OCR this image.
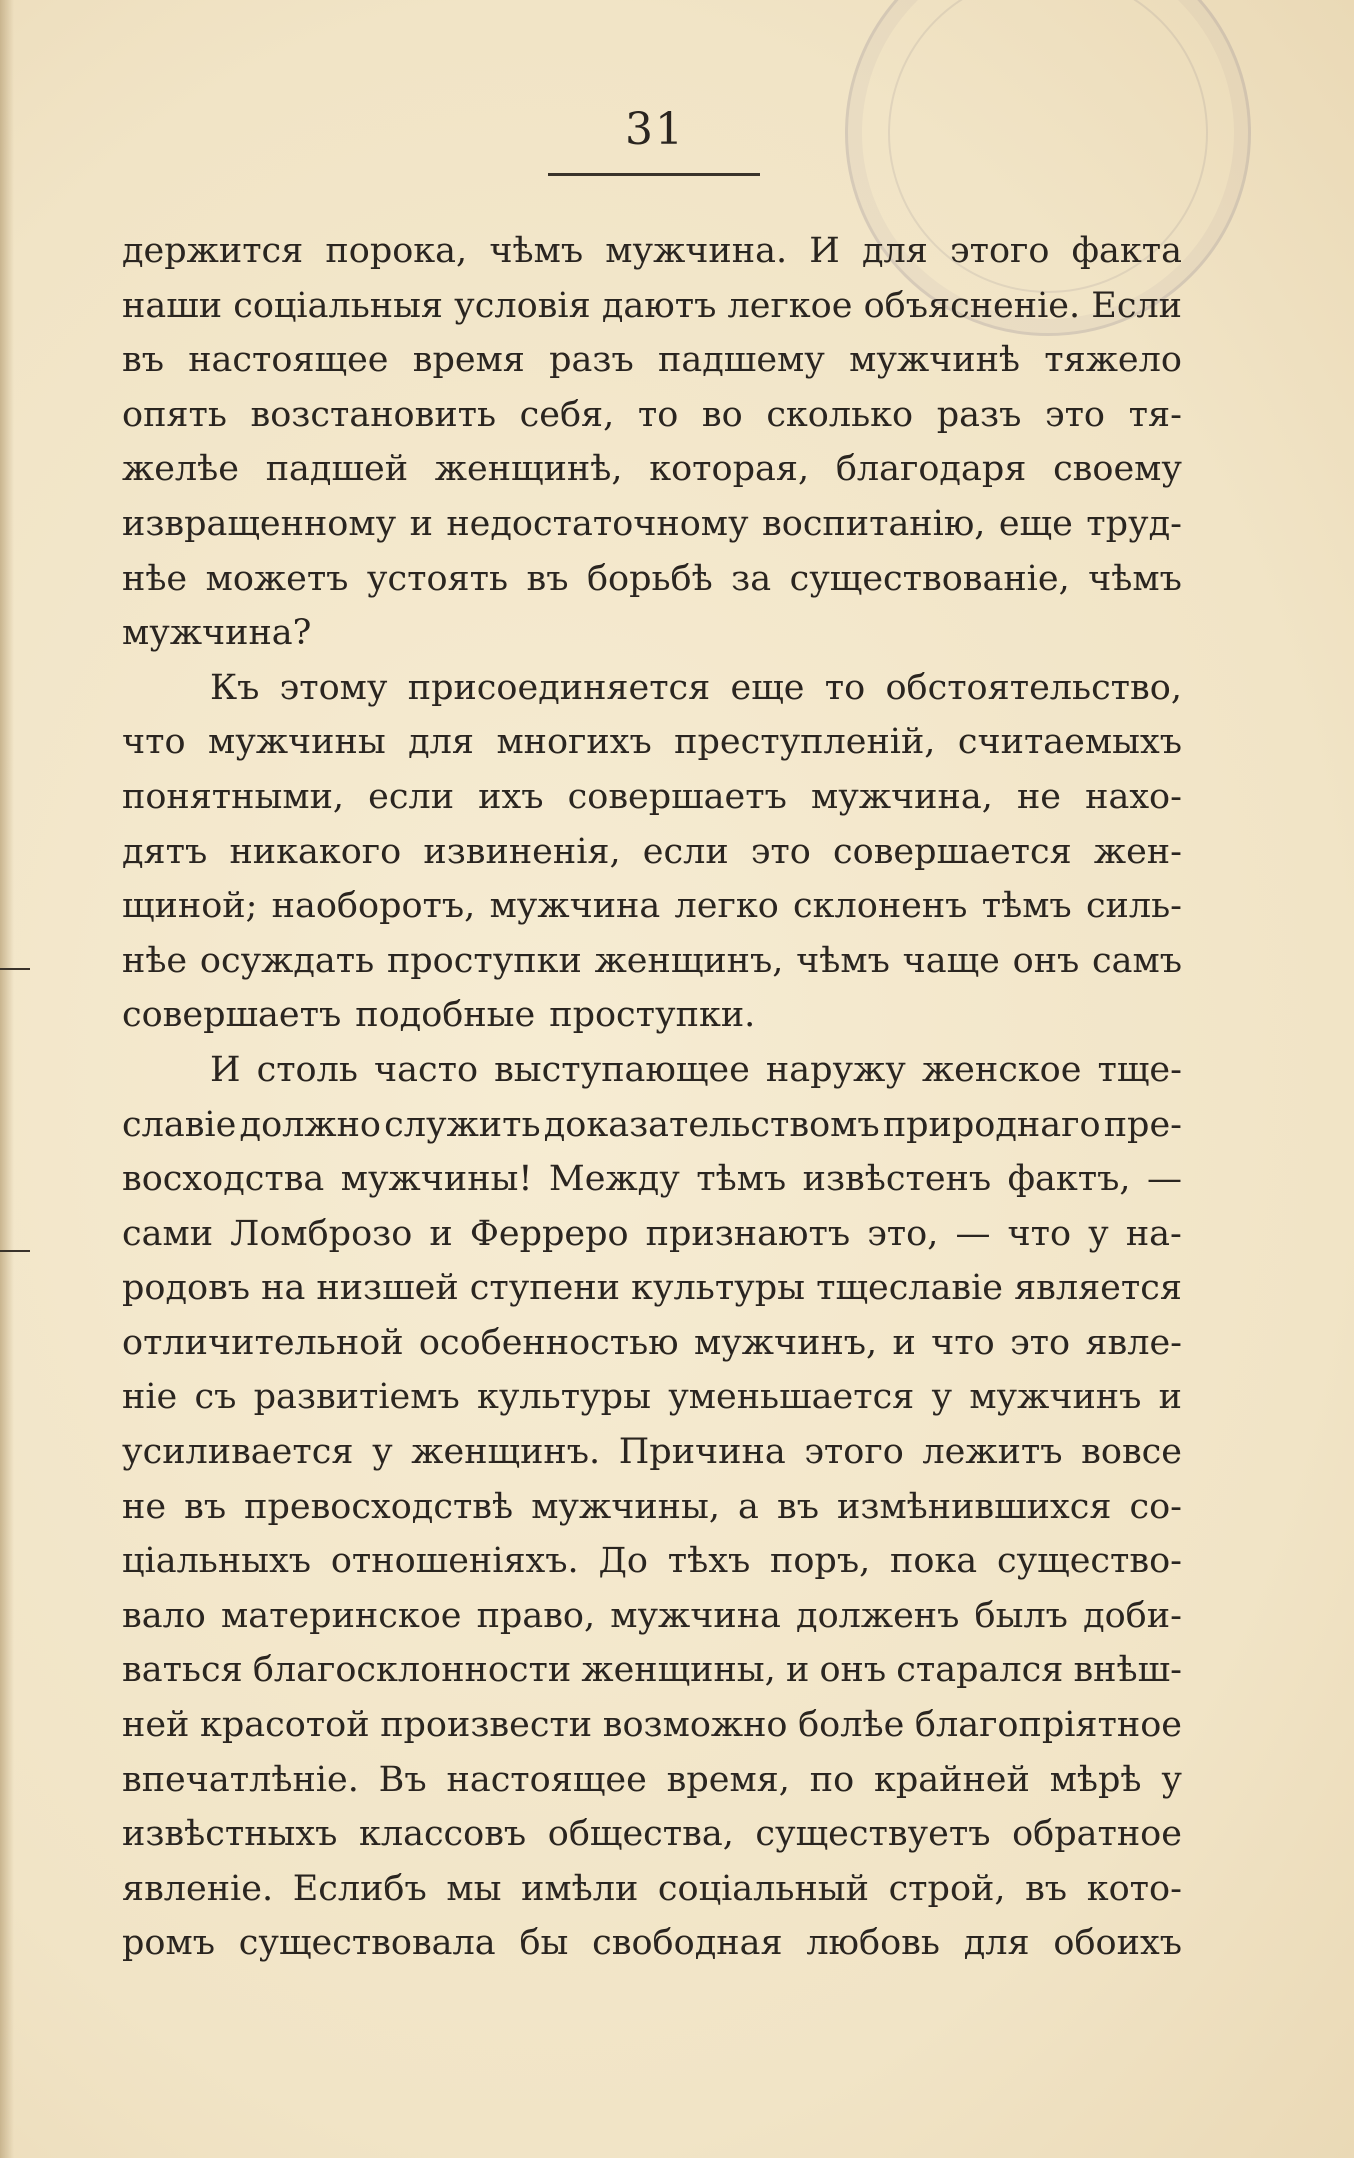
31
держится порока, чѣмъ мужчина. И для этого факта
наши соціальныя условія даютъ легкое объясненіе. Если
въ настоящее время разъ падшему мужчинѣ тяжело
опять возстановить себя, то во сколько разъ это тя-
желѣе падшей женщинѣ, которая, благодаря своему
извращенному и недостаточному воспитанію, еще труд-
нѣе можетъ устоять въ борьбѣ за существованіе, чѣмъ
мужчина?
Къ этому присоединяется еще то обстоятельство,
что мужчины для многихъ преступленій, считаемыхъ
понятными, если ихъ совершаетъ мужчина, не нахо-
дятъ никакого извиненія, если это совершается жен-
щиной; наоборотъ, мужчина легко склоненъ тѣмъ силь-
нѣе осуждать проступки женщинъ, чѣмъ чаще онъ самъ
совершаетъ подобные проступки.
И столь часто выступающее наружу женское тще-
славіе должно служить доказательствомъ природнаго пре-
восходства мужчины! Между тѣмъ извѣстенъ фактъ, —
сами Ломброзо и Ферреро признаютъ это, — что у на-
родовъ на низшей ступени культуры тщеславіе является
отличительной особенностью мужчинъ, и что это явле-
ніе съ развитіемъ культуры уменьшается у мужчинъ и
усиливается у женщинъ. Причина этого лежитъ вовсе
не въ превосходствѣ мужчины, а въ измѣнившихся со-
ціальныхъ отношеніяхъ. До тѣхъ поръ, пока существо-
вало материнское право, мужчина долженъ былъ доби-
ваться благосклонности женщины, и онъ старался внѣш-
ней красотой произвести возможно болѣе благопріятное
впечатлѣніе. Въ настоящее время, по крайней мѣрѣ у
извѣстныхъ классовъ общества, существуетъ обратное
явленіе. Еслибъ мы имѣли соціальный строй, въ кото-
ромъ существовала бы свободная любовь для обоихъ
